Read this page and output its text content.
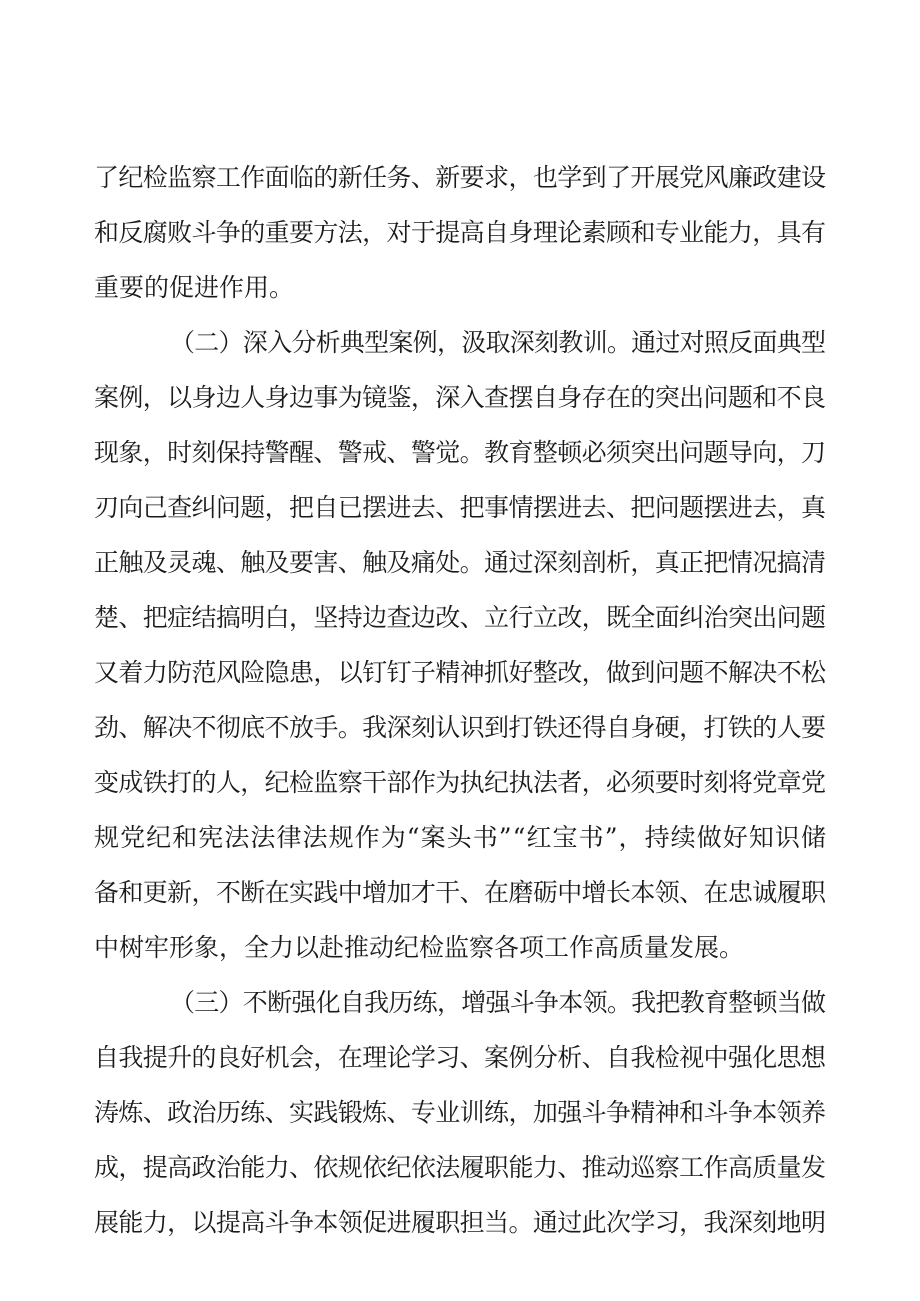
了纪检监察工作面临的新任务、新要求，也学到了开展党风廉政建设
和反腐败斗争的重要方法，对于提高自身理论素顾和专业能力，具有
重要的促进作用。
（二）深入分析典型案例，汲取深刻教训。通过对照反面典型
案例，以身边人身边事为镜鉴，深入查摆自身存在的突出问题和不良
现象，时刻保持警醒、警戒、警觉。教育整顿必须突出问题导向，刀
刃向己查纠问题，把自已摆进去、把事情摆进去、把问题摆进去，真
正触及灵魂、触及要害、触及痛处。通过深刻剖析，真正把情况搞清
楚、把症结搞明白，坚持边查边改、立行立改，既全面纠治突出问题
又着力防范风险隐患，以钉钉子精神抓好整改，做到问题不解决不松
劲、解决不彻底不放手。我深刻认识到打铁还得自身硬，打铁的人要
变成铁打的人，纪检监察干部作为执纪执法者，必须要时刻将党章党
规党纪和宪法法律法规作为“案头书”“红宝书”，持续做好知识储
备和更新，不断在实践中增加才干、在磨砺中增长本领、在忠诚履职
中树牢形象，全力以赴推动纪检监察各项工作高质量发展。
（三）不断强化自我历练，增强斗争本领。我把教育整顿当做
自我提升的良好机会，在理论学习、案例分析、自我检视中强化思想
涛炼、政治历练、实践锻炼、专业训练，加强斗争精神和斗争本领养
成，提高政治能力、依规依纪依法履职能力、推动巡察工作高质量发
展能力，以提高斗争本领促进履职担当。通过此次学习，我深刻地明
